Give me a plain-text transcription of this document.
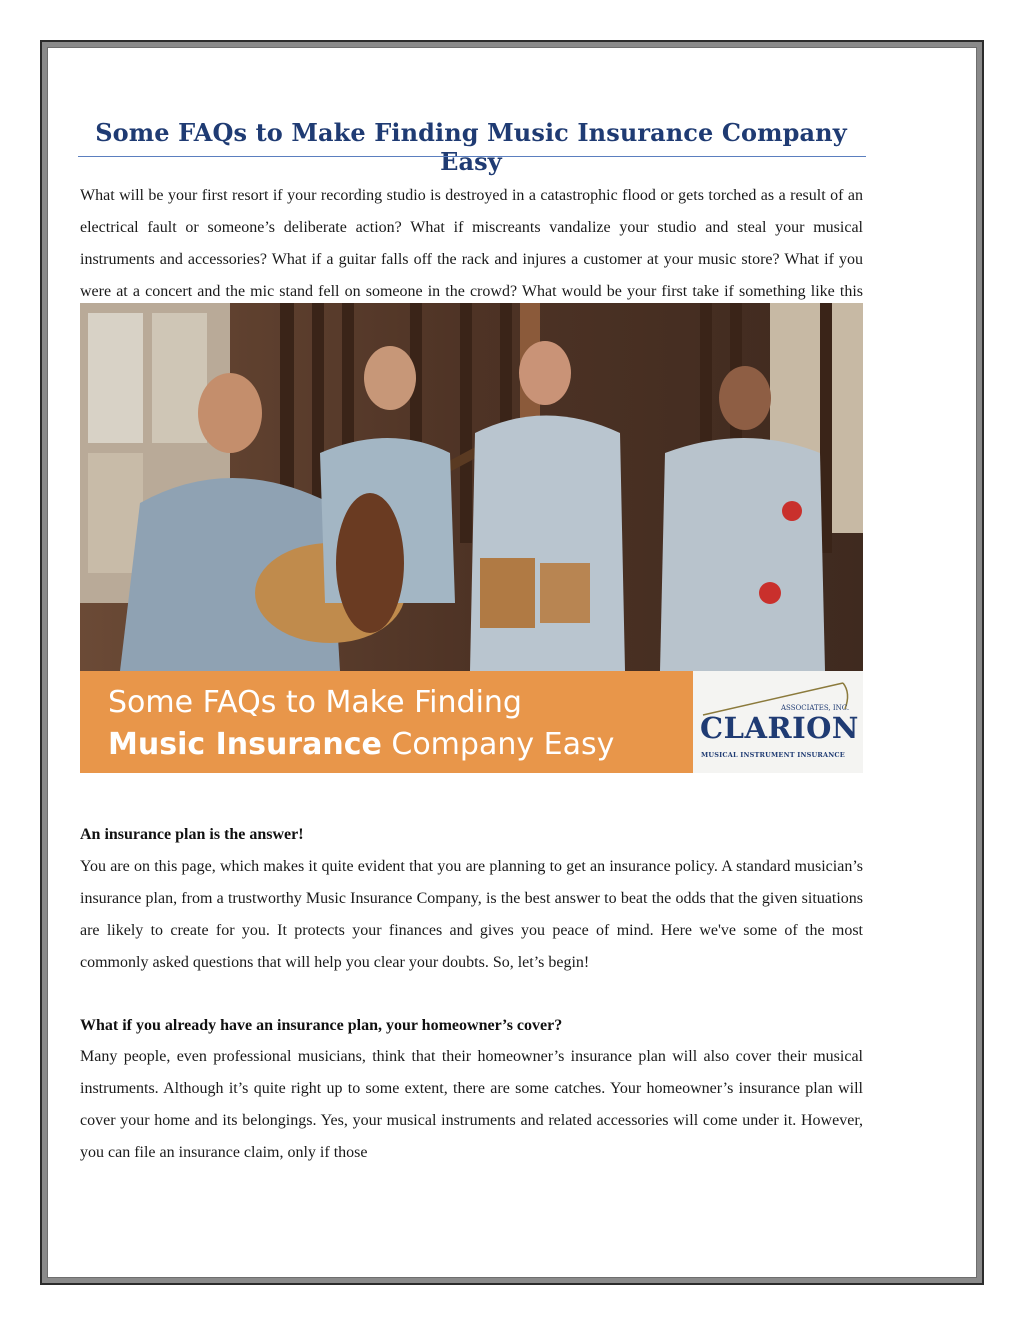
Some FAQs to Make Finding Music Insurance Company Easy

What will be your first resort if your recording studio is destroyed in a catastrophic flood or gets torched as a result of an electrical fault or someone’s deliberate action? What if miscreants vandalize your studio and steal your musical instruments and accessories? What if a guitar falls off the rack and injures a customer at your music store? What if you were at a concert and the mic stand fell on someone in the crowd? What would be your first take if something like this

Some FAQs to Make Finding
Music Insurance Company Easy
ASSOCIATES, INC.
CLARION
MUSICAL INSTRUMENT INSURANCE

An insurance plan is the answer!

You are on this page, which makes it quite evident that you are planning to get an insurance policy. A standard musician’s insurance plan, from a trustworthy Music Insurance Company, is the best answer to beat the odds that the given situations are likely to create for you. It protects your finances and gives you peace of mind. Here we've some of the most commonly asked questions that will help you clear your doubts. So, let’s begin!

What if you already have an insurance plan, your homeowner’s cover?

Many people, even professional musicians, think that their homeowner’s insurance plan will also cover their musical instruments. Although it’s quite right up to some extent, there are some catches. Your homeowner’s insurance plan will cover your home and its belongings. Yes, your musical instruments and related accessories will come under it. However, you can file an insurance claim, only if those
